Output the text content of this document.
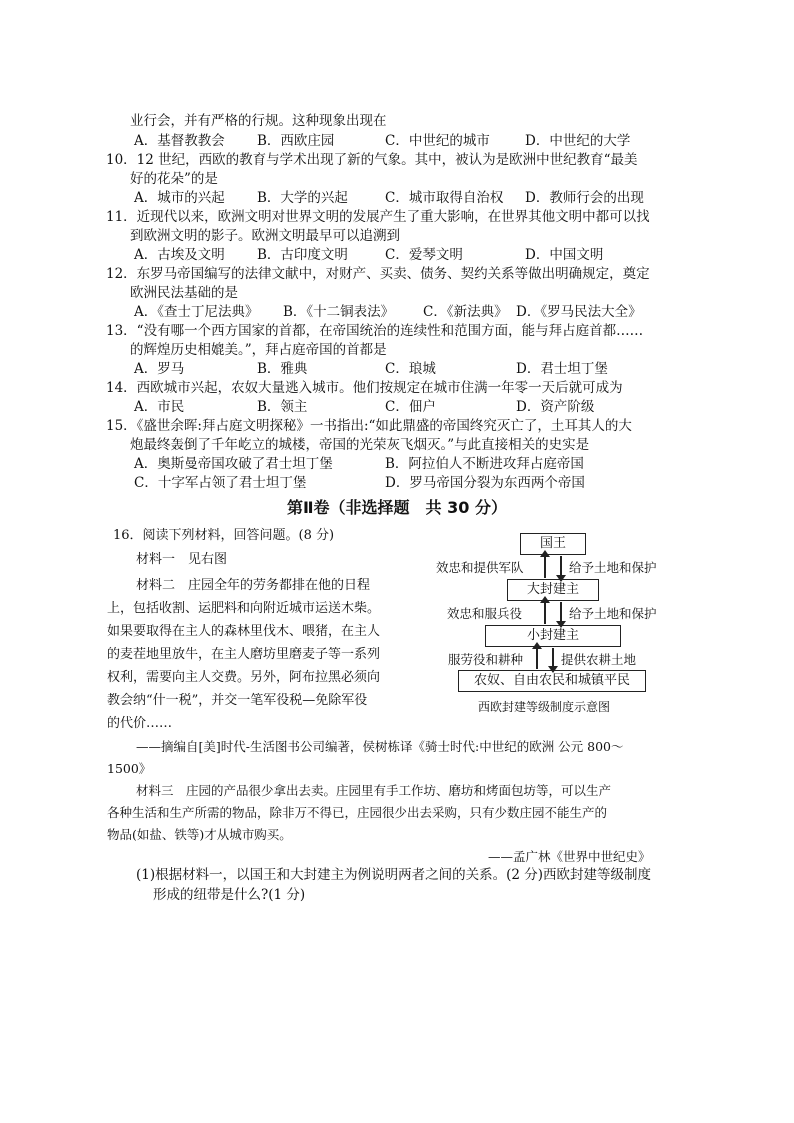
业行会，并有严格的行规。这种现象出现在
A．基督教教会 B．西欧庄园	C．中世纪的城市	D．中世纪的大学
10．12 世纪，西欧的教育与学术出现了新的气象。其中，被认为是欧洲中世纪教育“最美
好的花朵”的是
A．城市的兴起 B．大学的兴起	C．城市取得自治权 D．教师行会的出现
11．近现代以来，欧洲文明对世界文明的发展产生了重大影响，在世界其他文明中都可以找
到欧洲文明的影子。欧洲文明最早可以追溯到
A．古埃及文明 B．古印度文明	C．爱琴文明	D．中国文明
12．东罗马帝国编写的法律文献中，对财产、买卖、债务、契约关系等做出明确规定，奠定
欧洲民法基础的是
A．《查士丁尼法典》 B．《十二铜表法》 C．《新法典》 D．《罗马民法大全》
13．“没有哪一个西方国家的首都，在帝国统治的连续性和范围方面，能与拜占庭首都……
的辉煌历史相媲美。”，拜占庭帝国的首都是
A．罗马	B．雅典	C．琅城	D．君士坦丁堡
14．西欧城市兴起，农奴大量逃入城市。他们按规定在城市住满一年零一天后就可成为
A．市民	B．领主	C．佃户	D．资产阶级
15．《盛世余晖:拜占庭文明探秘》一书指出:“如此鼎盛的帝国终究灭亡了，土耳其人的大
炮最终轰倒了千年屹立的城楼，帝国的光荣灰飞烟灭。”与此直接相关的史实是
A．奥斯曼帝国攻破了君士坦丁堡	B．阿拉伯人不断进攻拜占庭帝国
C．十字军占领了君士坦丁堡	D．罗马帝国分裂为东西两个帝国
第Ⅱ卷（非选择题　共 30 分）
16．阅读下列材料，回答问题。(8 分)
材料一　见右图
材料二　庄园全年的劳务都排在他的日程
上，包括收割、运肥料和向附近城市运送木柴。
如果要取得在主人的森林里伐木、喂猪，在主人
的麦茬地里放牛，在主人磨坊里磨麦子等一系列
权利，需要向主人交费。另外，阿布拉黑必须向
教会纳“什一税”，并交一笔军役税—免除军役
的代价……
——摘编自[美]时代-生活图书公司编著，侯树栋译《骑士时代:中世纪的欧洲 公元 800～
1500》
材料三　庄园的产品很少拿出去卖。庄园里有手工作坊、磨坊和烤面包坊等，可以生产
各种生活和生产所需的物品，除非万不得已，庄园很少出去采购，只有少数庄园不能生产的
物品(如盐、铁等)才从城市购买。
——孟广林《世界中世纪史》
(1)根据材料一，以国王和大封建主为例说明两者之间的关系。(2 分)西欧封建等级制度
形成的纽带是什么?(1 分)
国王
大封建主
小封建主
农奴、自由农民和城镇平民
效忠和提供军队	给予土地和保护
效忠和服兵役	给予土地和保护
服劳役和耕种	提供农耕土地
西欧封建等级制度示意图
